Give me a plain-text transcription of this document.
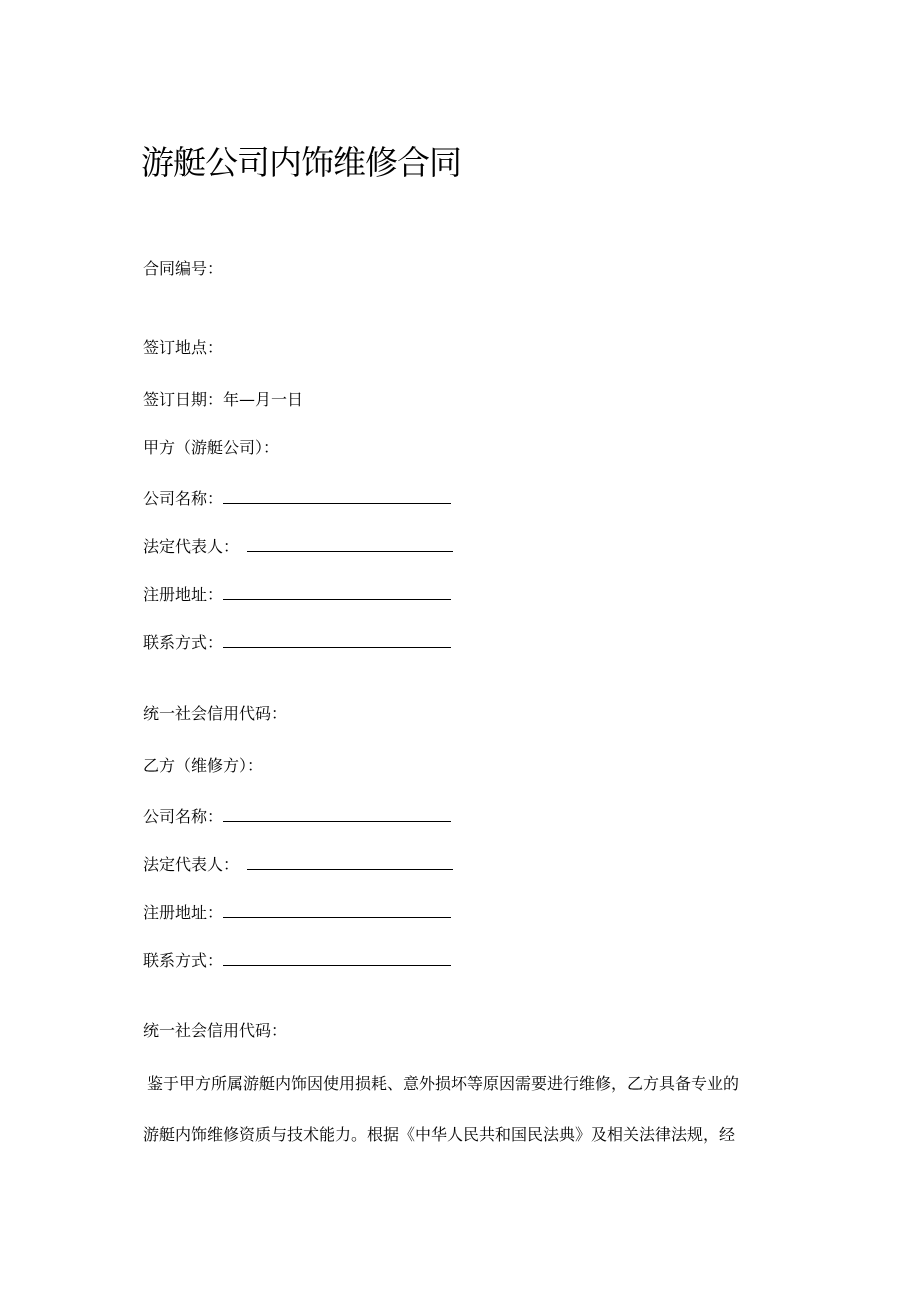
游艇公司内饰维修合同
合同编号：
签订地点：
签订日期：年—月一日
甲方（游艇公司）：
公司名称：
法定代表人：
注册地址：
联系方式：
统一社会信用代码：
乙方（维修方）：
公司名称：
法定代表人：
注册地址：
联系方式：
统一社会信用代码：
鉴于甲方所属游艇内饰因使用损耗、意外损坏等原因需要进行维修，乙方具备专业的
游艇内饰维修资质与技术能力。根据《中华人民共和国民法典》及相关法律法规，经
